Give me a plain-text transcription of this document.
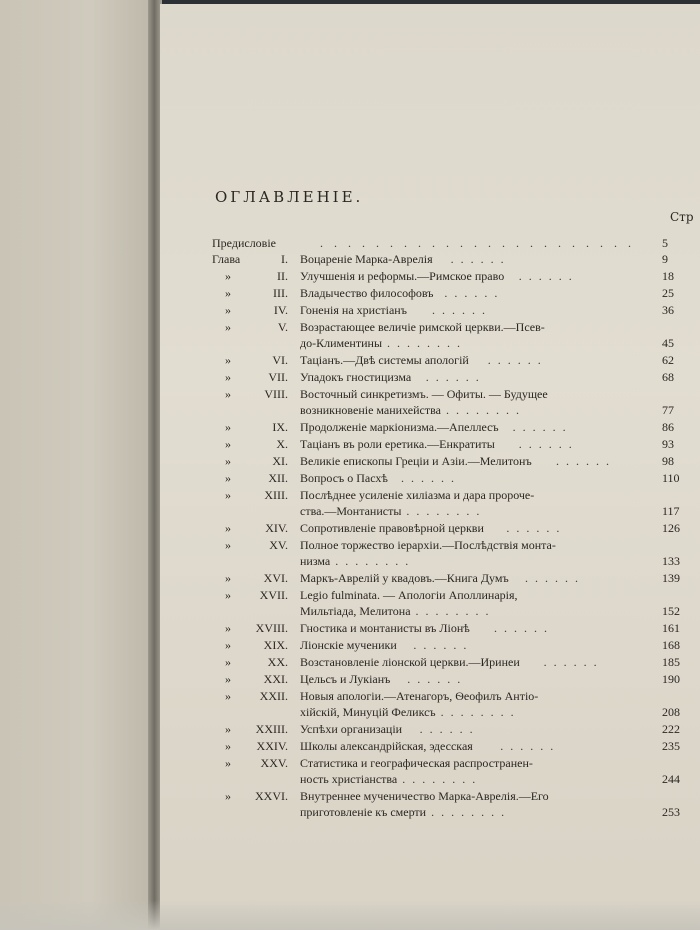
ОГЛАВЛЕНІЕ.
Стр
Предисловіе	. . . . . . . . . . . . . . . . . . . . . . . 5
Глава	I. Воцареніе Марка-Аврелія . . . . . .	9
»	II. Улучшенія и реформы.—Римское право . . . . . .	18
»	III. Владычество философовъ . . . . . .	25
»	IV. Гоненія на христіанъ . . . . . .	36
»	V. Возрастающее величіе римской церкви.—Псев-
до-Климентины . . . . . . . .	45
»	VI. Таціанъ.—Двѣ системы апологій . . . . . .	62
»	VII. Упадокъ гностицизма . . . . . .	68
»	VIII. Восточный синкретизмъ. — Офиты. — Будущее
возникновеніе манихейства . . . . . . . .	77
»	IX. Продолженіе маркіонизма.—Апеллесъ . . . . . .	86
»	X. Таціанъ въ роли еретика.—Енкратиты . . . . . .	93
»	XI. Великіе епископы Греціи и Азіи.—Мелитонъ . . . . . .	98
»	XII. Вопросъ о Пасхѣ . . . . . .	110
»	XIII. Послѣднее усиленіе хиліазма и дара пророче-
ства.—Монтанисты . . . . . . . .	117
»	XIV. Сопротивленіе правовѣрной церкви . . . . . .	126
»	XV. Полное торжество іерархіи.—Послѣдствія монта-
низма . . . . . . . .	133
»	XVI. Маркъ-Аврелій у квадовъ.—Книга Думъ . . . . . .	139
»	XVII. Legio fulminata. — Апологіи Аполлинарія,
Мильтіада, Мелитона . . . . . . . .	152
»	XVIII. Гностика и монтанисты въ Ліонѣ . . . . . .	161
»	XIX. Ліонскіе мученики . . . . . .	168
»	XX. Возстановленіе ліонской церкви.—Иринеи . . . . . .	185
»	XXI. Цельсъ и Лукіанъ . . . . . .	190
»	XXII. Новыя апологіи.—Атенагоръ, Ѳеофилъ Антіо-
хійскій, Минуцій Феликсъ . . . . . . . .	208
»	XXIII. Успѣхи организаціи . . . . . .	222
»	XXIV. Школы александрійская, эдесская . . . . . .	235
»	XXV. Статистика и географическая распространен-
ность христіанства . . . . . . . .	244
»	XXVI. Внутреннее мученичество Марка-Аврелія.—Его
приготовленіе къ смерти . . . . . . . .	253
